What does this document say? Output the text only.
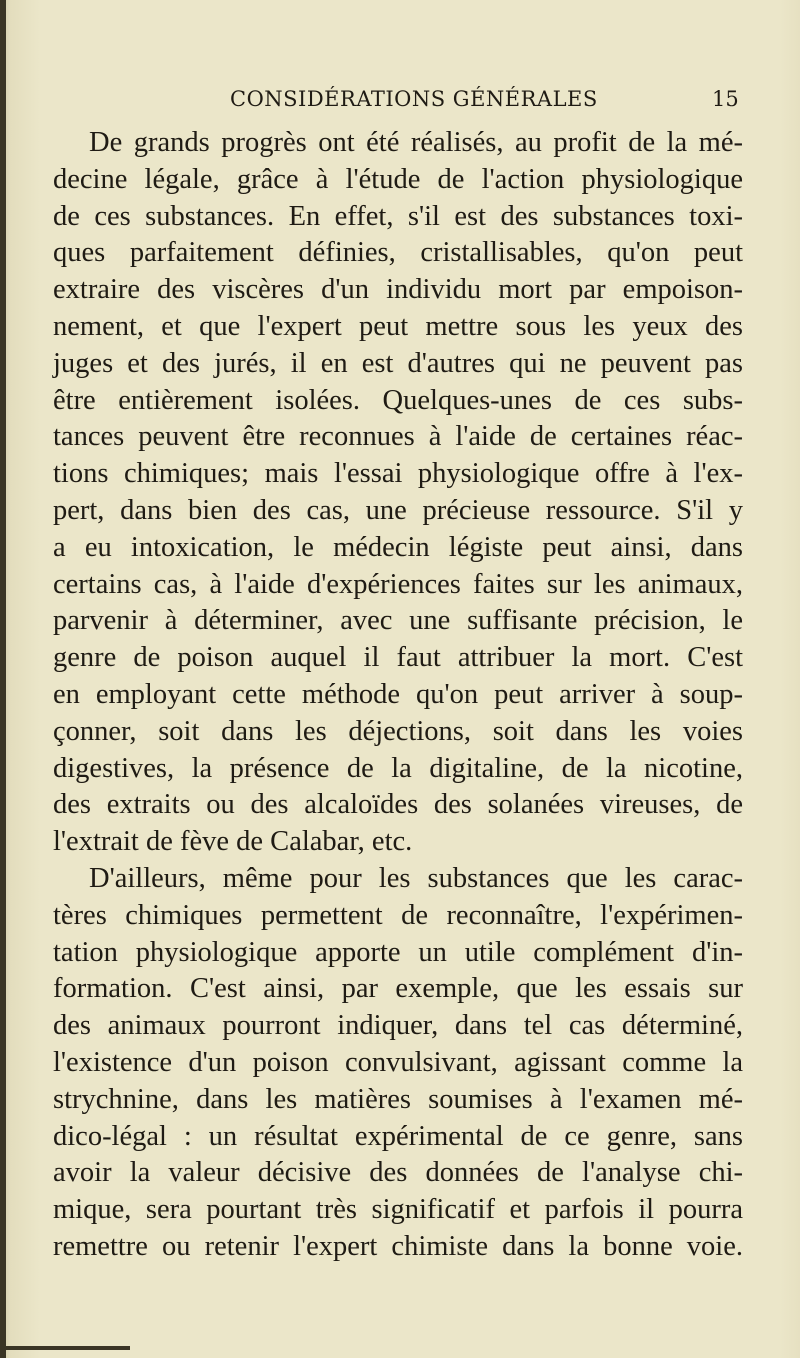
CONSIDÉRATIONS GÉNÉRALES	15
De grands progrès ont été réalisés, au profit de la mé-
decine légale, grâce à l'étude de l'action physiologique
de ces substances. En effet, s'il est des substances toxi-
ques parfaitement définies, cristallisables, qu'on peut
extraire des viscères d'un individu mort par empoison-
nement, et que l'expert peut mettre sous les yeux des
juges et des jurés, il en est d'autres qui ne peuvent pas
être entièrement isolées. Quelques-unes de ces subs-
tances peuvent être reconnues à l'aide de certaines réac-
tions chimiques; mais l'essai physiologique offre à l'ex-
pert, dans bien des cas, une précieuse ressource. S'il y
a eu intoxication, le médecin légiste peut ainsi, dans
certains cas, à l'aide d'expériences faites sur les animaux,
parvenir à déterminer, avec une suffisante précision, le
genre de poison auquel il faut attribuer la mort. C'est
en employant cette méthode qu'on peut arriver à soup-
çonner, soit dans les déjections, soit dans les voies
digestives, la présence de la digitaline, de la nicotine,
des extraits ou des alcaloïdes des solanées vireuses, de
l'extrait de fève de Calabar, etc.
D'ailleurs, même pour les substances que les carac-
tères chimiques permettent de reconnaître, l'expérimen-
tation physiologique apporte un utile complément d'in-
formation. C'est ainsi, par exemple, que les essais sur
des animaux pourront indiquer, dans tel cas déterminé,
l'existence d'un poison convulsivant, agissant comme la
strychnine, dans les matières soumises à l'examen mé-
dico-légal : un résultat expérimental de ce genre, sans
avoir la valeur décisive des données de l'analyse chi-
mique, sera pourtant très significatif et parfois il pourra
remettre ou retenir l'expert chimiste dans la bonne voie.
